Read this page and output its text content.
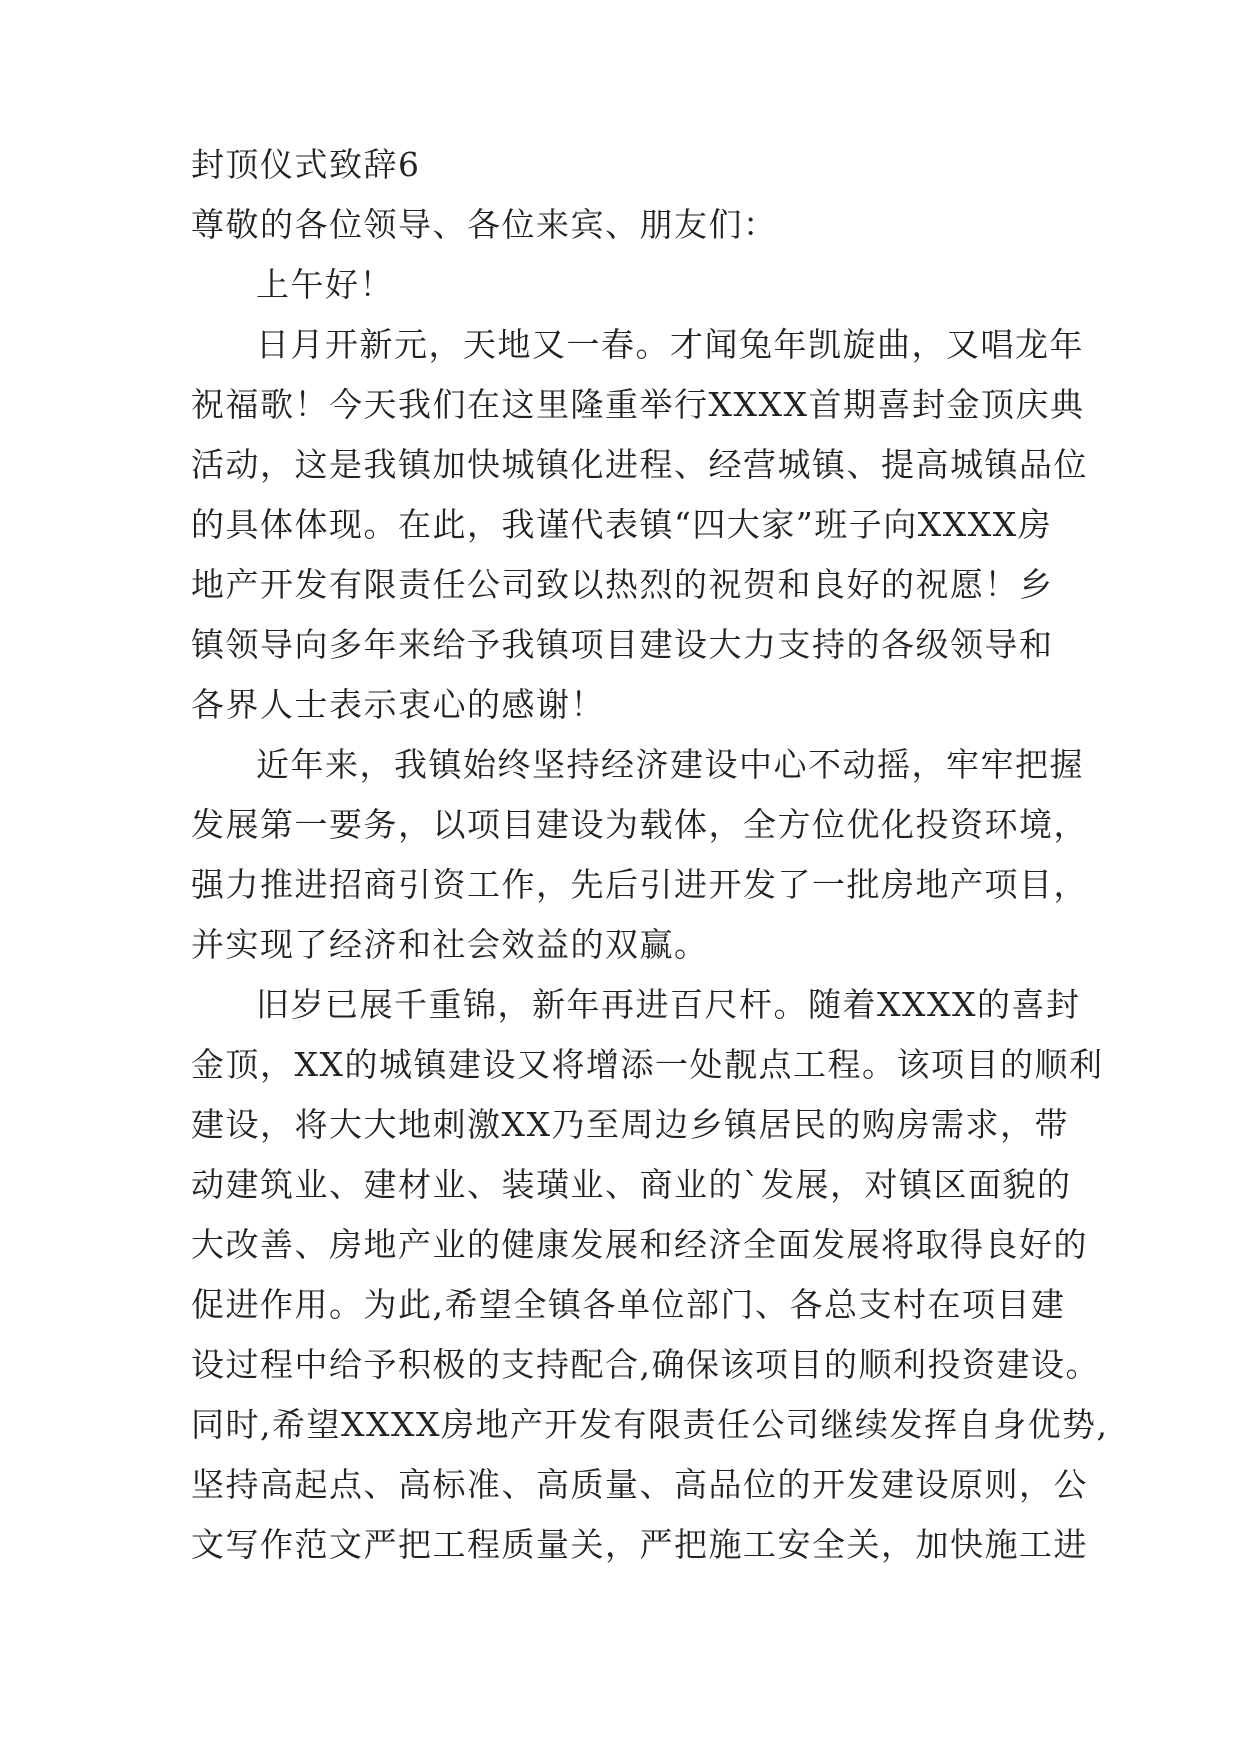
封顶仪式致辞6
尊敬的各位领导、各位来宾、朋友们：
上午好！
日月开新元，天地又一春。才闻兔年凯旋曲，又唱龙年
祝福歌！今天我们在这里隆重举行XXXX首期喜封金顶庆典
活动，这是我镇加快城镇化进程、经营城镇、提高城镇品位
的具体体现。在此，我谨代表镇“四大家”班子向XXXX房
地产开发有限责任公司致以热烈的祝贺和良好的祝愿！乡
镇领导向多年来给予我镇项目建设大力支持的各级领导和
各界人士表示衷心的感谢！
近年来，我镇始终坚持经济建设中心不动摇，牢牢把握
发展第一要务，以项目建设为载体，全方位优化投资环境，
强力推进招商引资工作，先后引进开发了一批房地产项目，
并实现了经济和社会效益的双赢。
旧岁已展千重锦，新年再进百尺杆。随着XXXX的喜封
金顶，XX的城镇建设又将增添一处靓点工程。该项目的顺利
建设，将大大地刺激XX乃至周边乡镇居民的购房需求，带
动建筑业、建材业、装璜业、商业的`发展，对镇区面貌的
大改善、房地产业的健康发展和经济全面发展将取得良好的
促进作用。为此,希望全镇各单位部门、各总支村在项目建
设过程中给予积极的支持配合,确保该项目的顺利投资建设。
同时,希望XXXX房地产开发有限责任公司继续发挥自身优势,
坚持高起点、高标准、高质量、高品位的开发建设原则，公
文写作范文严把工程质量关，严把施工安全关，加快施工进
